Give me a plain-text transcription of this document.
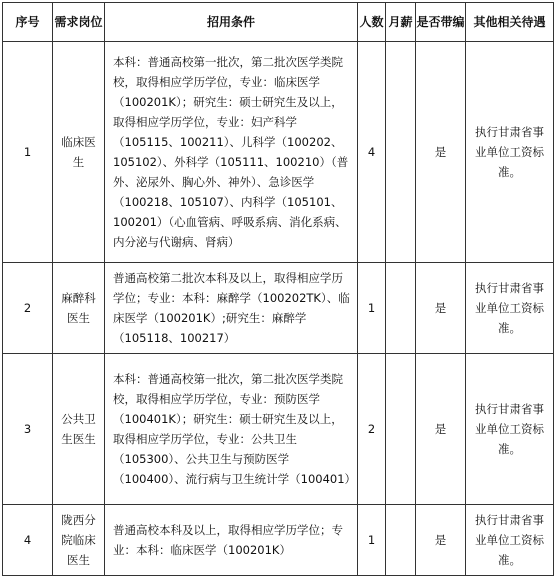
序号	需求岗位	招用条件	人数	月薪	是否带编	其他相关待遇
1	临床医生	本科：普通高校第一批次，第二批次医学类院校，取得相应学历学位，专业：临床医学（100201K）；研究生：硕士研究生及以上，取得相应学历学位，专业：妇产科学（105115、100211）、儿科学（100202、105102）、外科学（105111、100210）（普外、泌尿外、胸心外、神外）、急诊医学（100218、105107）、内科学（105101、100201）（心血管病、呼吸系病、消化系病、内分泌与代谢病、肾病）	4		是	执行甘肃省事业单位工资标准。
2	麻醉科医生	普通高校第二批次本科及以上，取得相应学历学位；专业：本科：麻醉学（100202TK）、临床医学（100201K）;研究生：麻醉学（105118、100217）	1		是	执行甘肃省事业单位工资标准。
3	公共卫生医生	本科：普通高校第一批次，第二批次医学类院校，取得相应学历学位，专业：预防医学（100401K）；研究生：硕士研究生及以上，取得相应学历学位，专业：公共卫生（105300）、公共卫生与预防医学（100400）、流行病与卫生统计学（100401）	2		是	执行甘肃省事业单位工资标准。
4	陇西分院临床医生	普通高校本科及以上，取得相应学历学位；专业：本科：临床医学（100201K）	1		是	执行甘肃省事业单位工资标准。
